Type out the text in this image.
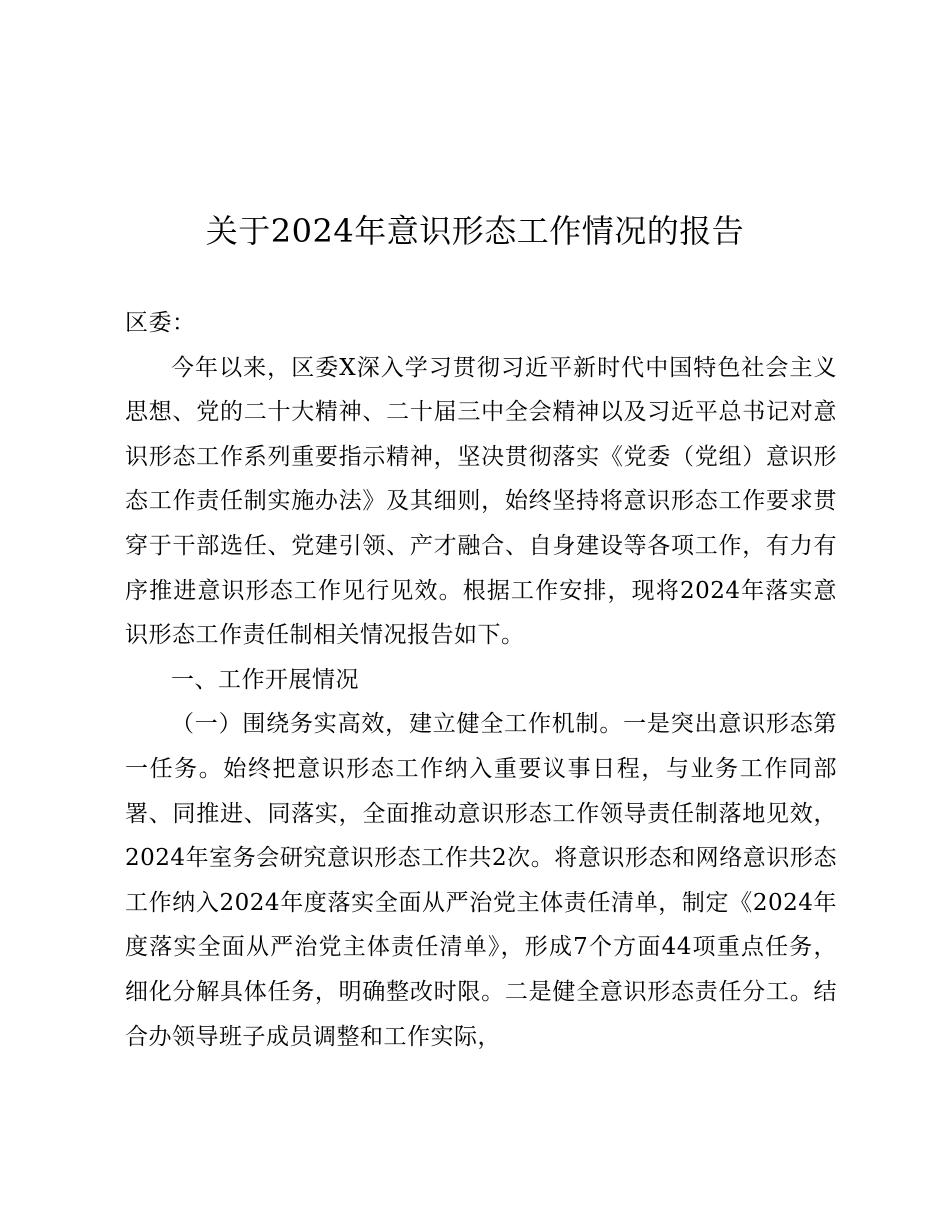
关于2024年意识形态工作情况的报告

区委：

今年以来，区委X深入学习贯彻习近平新时代中国特色社会主义思想、党的二十大精神、二十届三中全会精神以及习近平总书记对意识形态工作系列重要指示精神，坚决贯彻落实《党委（党组）意识形态工作责任制实施办法》及其细则，始终坚持将意识形态工作要求贯穿于干部选任、党建引领、产才融合、自身建设等各项工作，有力有序推进意识形态工作见行见效。根据工作安排，现将2024年落实意识形态工作责任制相关情况报告如下。

一、工作开展情况

（一）围绕务实高效，建立健全工作机制。一是突出意识形态第一任务。始终把意识形态工作纳入重要议事日程，与业务工作同部署、同推进、同落实，全面推动意识形态工作领导责任制落地见效，2024年室务会研究意识形态工作共2次。将意识形态和网络意识形态工作纳入2024年度落实全面从严治党主体责任清单，制定《2024年度落实全面从严治党主体责任清单》，形成7个方面44项重点任务，细化分解具体任务，明确整改时限。二是健全意识形态责任分工。结合办领导班子成员调整和工作实际，
